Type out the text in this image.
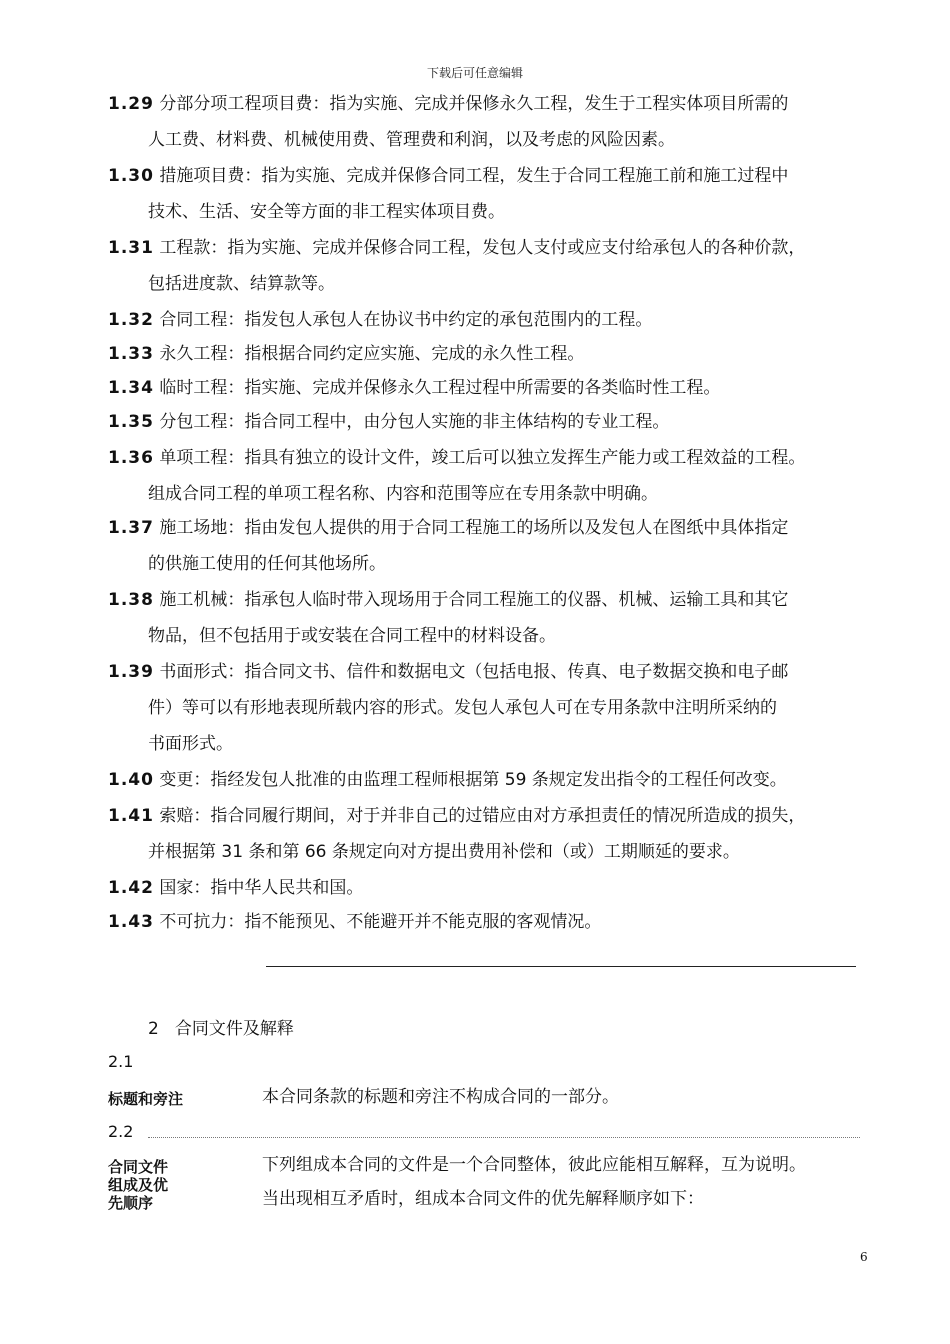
下载后可任意编辑
1.29 分部分项工程项目费：指为实施、完成并保修永久工程，发生于工程实体项目所需的
人工费、材料费、机械使用费、管理费和利润，以及考虑的风险因素。
1.30 措施项目费：指为实施、完成并保修合同工程，发生于合同工程施工前和施工过程中
技术、生活、安全等方面的非工程实体项目费。
1.31 工程款：指为实施、完成并保修合同工程，发包人支付或应支付给承包人的各种价款，
包括进度款、结算款等。
1.32 合同工程：指发包人承包人在协议书中约定的承包范围内的工程。
1.33 永久工程：指根据合同约定应实施、完成的永久性工程。
1.34 临时工程：指实施、完成并保修永久工程过程中所需要的各类临时性工程。
1.35 分包工程：指合同工程中，由分包人实施的非主体结构的专业工程。
1.36 单项工程：指具有独立的设计文件，竣工后可以独立发挥生产能力或工程效益的工程。
组成合同工程的单项工程名称、内容和范围等应在专用条款中明确。
1.37 施工场地：指由发包人提供的用于合同工程施工的场所以及发包人在图纸中具体指定
的供施工使用的任何其他场所。
1.38 施工机械：指承包人临时带入现场用于合同工程施工的仪器、机械、运输工具和其它
物品，但不包括用于或安装在合同工程中的材料设备。
1.39 书面形式：指合同文书、信件和数据电文（包括电报、传真、电子数据交换和电子邮
件）等可以有形地表现所载内容的形式。发包人承包人可在专用条款中注明所采纳的
书面形式。
1.40 变更：指经发包人批准的由监理工程师根据第 59 条规定发出指令的工程任何改变。
1.41 索赔：指合同履行期间，对于并非自己的过错应由对方承担责任的情况所造成的损失，
并根据第 31 条和第 66 条规定向对方提出费用补偿和（或）工期顺延的要求。
1.42 国家：指中华人民共和国。
1.43 不可抗力：指不能预见、不能避开并不能克服的客观情况。
2 合同文件及解释
2.1
标题和旁注	本合同条款的标题和旁注不构成合同的一部分。
2.2
合同文件
组成及优
先顺序
下列组成本合同的文件是一个合同整体，彼此应能相互解释，互为说明。
当出现相互矛盾时，组成本合同文件的优先解释顺序如下：
6
